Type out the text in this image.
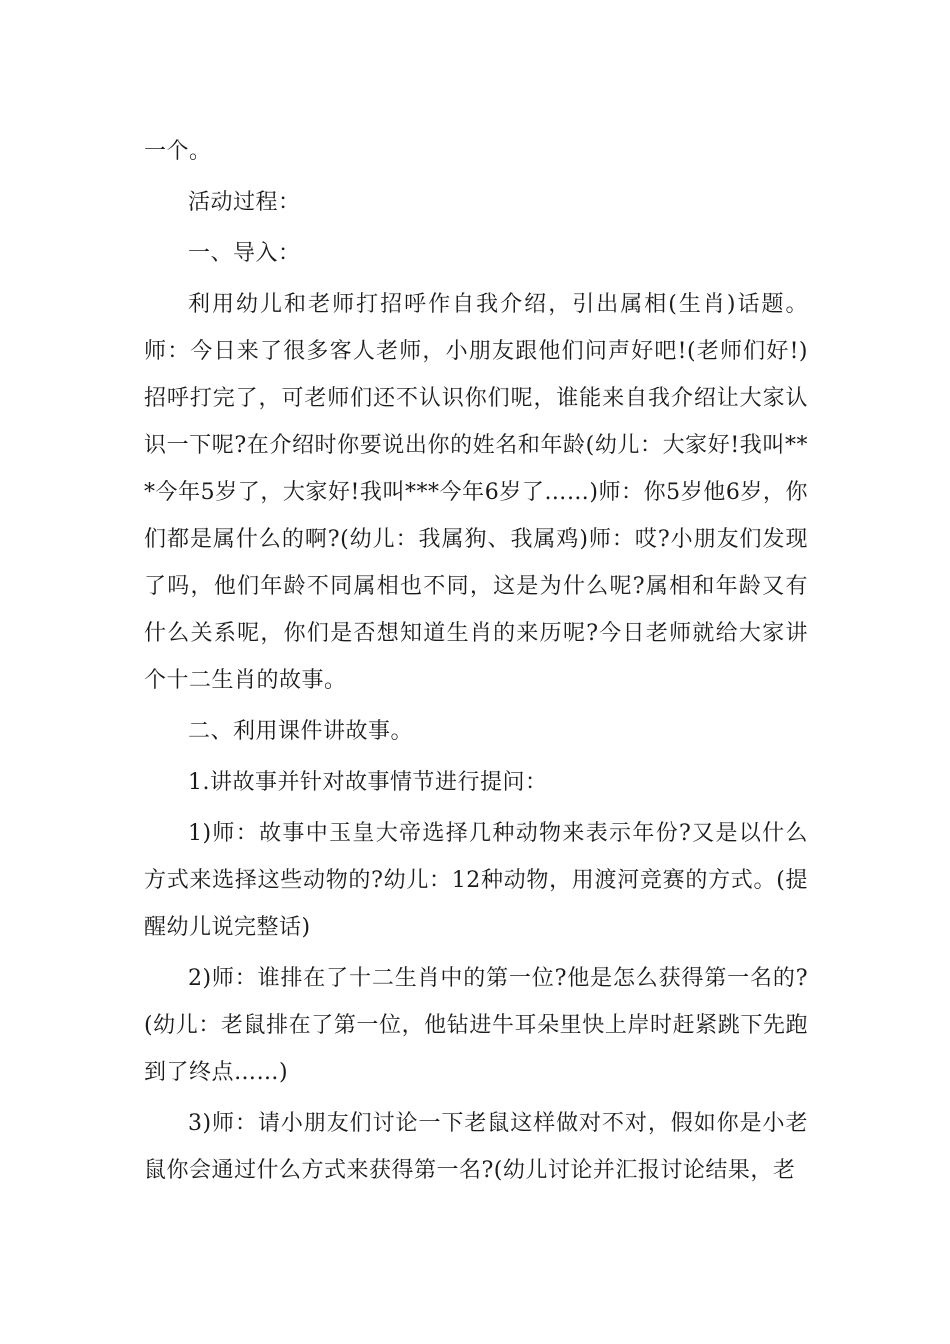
一个。

活动过程：

一、导入：

利用幼儿和老师打招呼作自我介绍，引出属相(生肖)话题。师：今日来了很多客人老师，小朋友跟他们问声好吧!(老师们好!)招呼打完了，可老师们还不认识你们呢，谁能来自我介绍让大家认识一下呢?在介绍时你要说出你的姓名和年龄(幼儿：大家好!我叫***今年5岁了，大家好!我叫***今年6岁了……)师：你5岁他6岁，你们都是属什么的啊?(幼儿：我属狗、我属鸡)师：哎?小朋友们发现了吗，他们年龄不同属相也不同，这是为什么呢?属相和年龄又有什么关系呢，你们是否想知道生肖的来历呢?今日老师就给大家讲个十二生肖的故事。

二、利用课件讲故事。

1.讲故事并针对故事情节进行提问：

1)师：故事中玉皇大帝选择几种动物来表示年份?又是以什么方式来选择这些动物的?幼儿：12种动物，用渡河竞赛的方式。(提醒幼儿说完整话)

2)师：谁排在了十二生肖中的第一位?他是怎么获得第一名的?(幼儿：老鼠排在了第一位，他钻进牛耳朵里快上岸时赶紧跳下先跑到了终点……)

3)师：请小朋友们讨论一下老鼠这样做对不对，假如你是小老鼠你会通过什么方式来获得第一名?(幼儿讨论并汇报讨论结果，老
